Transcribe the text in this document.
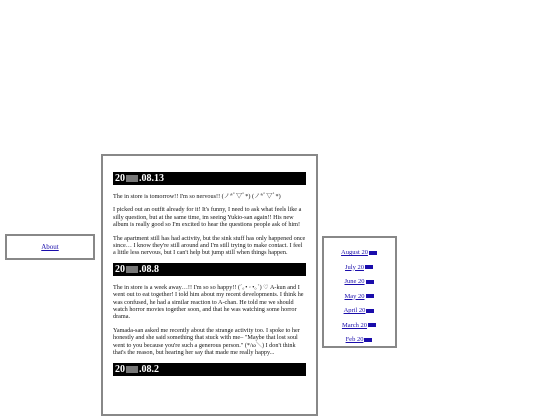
About
20 .08.13

The in store is tomorrow!! I'm so nervous!! (ノ*ﾟ▽ﾟ*) (ノ*ﾟ▽ﾟ*)

I picked out an outfit already for it! It's funny, I need to ask what feels like a silly question, but at the same time, im seeing Yukio-san again!! His new album is really good so I'm excited to hear the questions people ask of him!

The apartment still has had activity, but the sink stuff has only happened once since… I know they're still around and I'm still trying to make contact. I feel a little less nervous, but I can't help but jump still when things happen.

20 .08.8

The in store is a week away…!! I'm so so happy!! (´｡• ᵕ •｡`) ♡ A-kun and I went out to eat together! I told him about my recent developments. I think he was confused, he had a similar reaction to A-chan. He told me we should watch horror movies together soon, and that he was watching some horror drama.

Yamada-san asked me recently about the strange activity too. I spoke to her honestly and she said something that stuck with me– "Maybe that lost soul went to you because you're such a generous person." (*/ω＼) I don't think that's the reason, but hearing her say that made me really happy...

20 .08.2
August 20
July 20
June 20
May 20
April 20
March 20
Feb 20
